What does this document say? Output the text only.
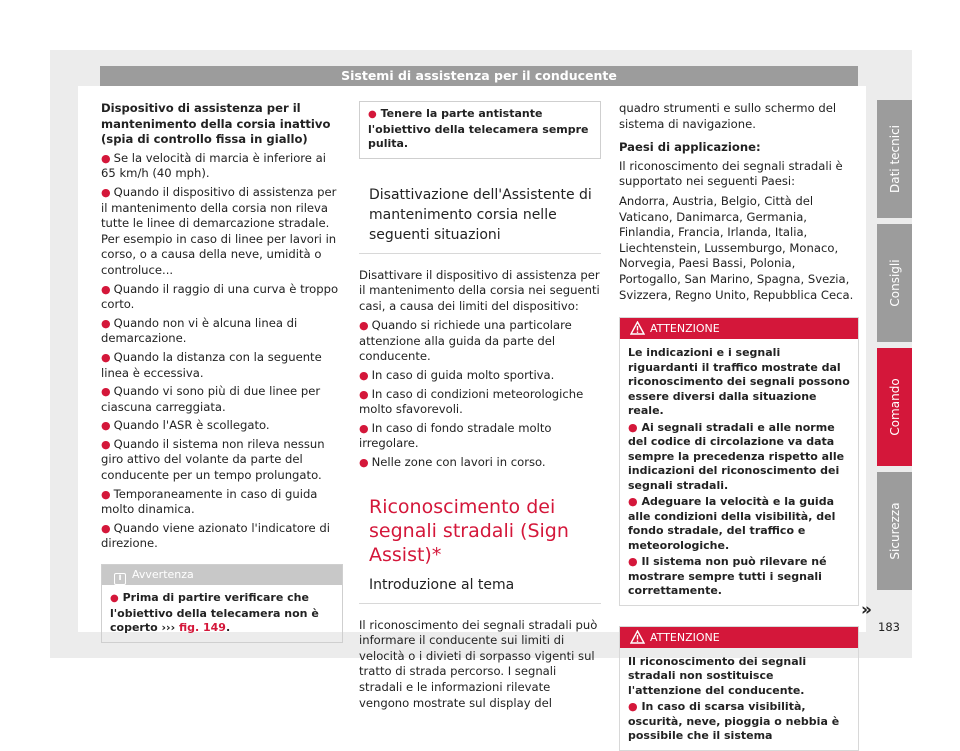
Sistemi di assistenza per il conducente
Dispositivo di assistenza per il mantenimento della corsia inattivo (spia di controllo fissa in giallo)
● Se la velocità di marcia è inferiore ai 65 km/h (40 mph).
● Quando il dispositivo di assistenza per il mantenimento della corsia non rileva tutte le linee di demarcazione stradale. Per esempio in caso di linee per lavori in corso, o a causa della neve, umidità o controluce...
● Quando il raggio di una curva è troppo corto.
● Quando non vi è alcuna linea di demarcazione.
● Quando la distanza con la seguente linea è eccessiva.
● Quando vi sono più di due linee per ciascuna carreggiata.
● Quando l'ASR è scollegato.
● Quando il sistema non rileva nessun giro attivo del volante da parte del conducente per un tempo prolungato.
● Temporaneamente in caso di guida molto dinamica.
● Quando viene azionato l'indicatore di direzione.
i Avvertenza
● Prima di partire verificare che l'obiettivo della telecamera non è coperto ››› fig. 149.
● Tenere la parte antistante l'obiettivo della telecamera sempre pulita.
Disattivazione dell'Assistente di mantenimento corsia nelle seguenti situazioni
Disattivare il dispositivo di assistenza per il mantenimento della corsia nei seguenti casi, a causa dei limiti del dispositivo:
● Quando si richiede una particolare attenzione alla guida da parte del conducente.
● In caso di guida molto sportiva.
● In caso di condizioni meteorologiche molto sfavorevoli.
● In caso di fondo stradale molto irregolare.
● Nelle zone con lavori in corso.
Riconoscimento dei segnali stradali (Sign Assist)*
Introduzione al tema
Il riconoscimento dei segnali stradali può informare il conducente sui limiti di velocità o i divieti di sorpasso vigenti sul tratto di strada percorso. I segnali stradali e le informazioni rilevate vengono mostrate sul display del
quadro strumenti e sullo schermo del sistema di navigazione.
Paesi di applicazione:
Il riconoscimento dei segnali stradali è supportato nei seguenti Paesi:
Andorra, Austria, Belgio, Città del Vaticano, Danimarca, Germania, Finlandia, Francia, Irlanda, Italia, Liechtenstein, Lussemburgo, Monaco, Norvegia, Paesi Bassi, Polonia, Portogallo, San Marino, Spagna, Svezia, Svizzera, Regno Unito, Repubblica Ceca.
ATTENZIONE
Le indicazioni e i segnali riguardanti il traffico mostrate dal riconoscimento dei segnali possono essere diversi dalla situazione reale.
● Ai segnali stradali e alle norme del codice di circolazione va data sempre la precedenza rispetto alle indicazioni del riconoscimento dei segnali stradali.
● Adeguare la velocità e la guida alle condizioni della visibilità, del fondo stradale, del traffico e meteorologiche.
● Il sistema non può rilevare né mostrare sempre tutti i segnali correttamente.
ATTENZIONE
Il riconoscimento dei segnali stradali non sostituisce l'attenzione del conducente.
● In caso di scarsa visibilità, oscurità, neve, pioggia o nebbia è possibile che il sistema
Dati tecnici
Consigli
Comando
Sicurezza
»
183
